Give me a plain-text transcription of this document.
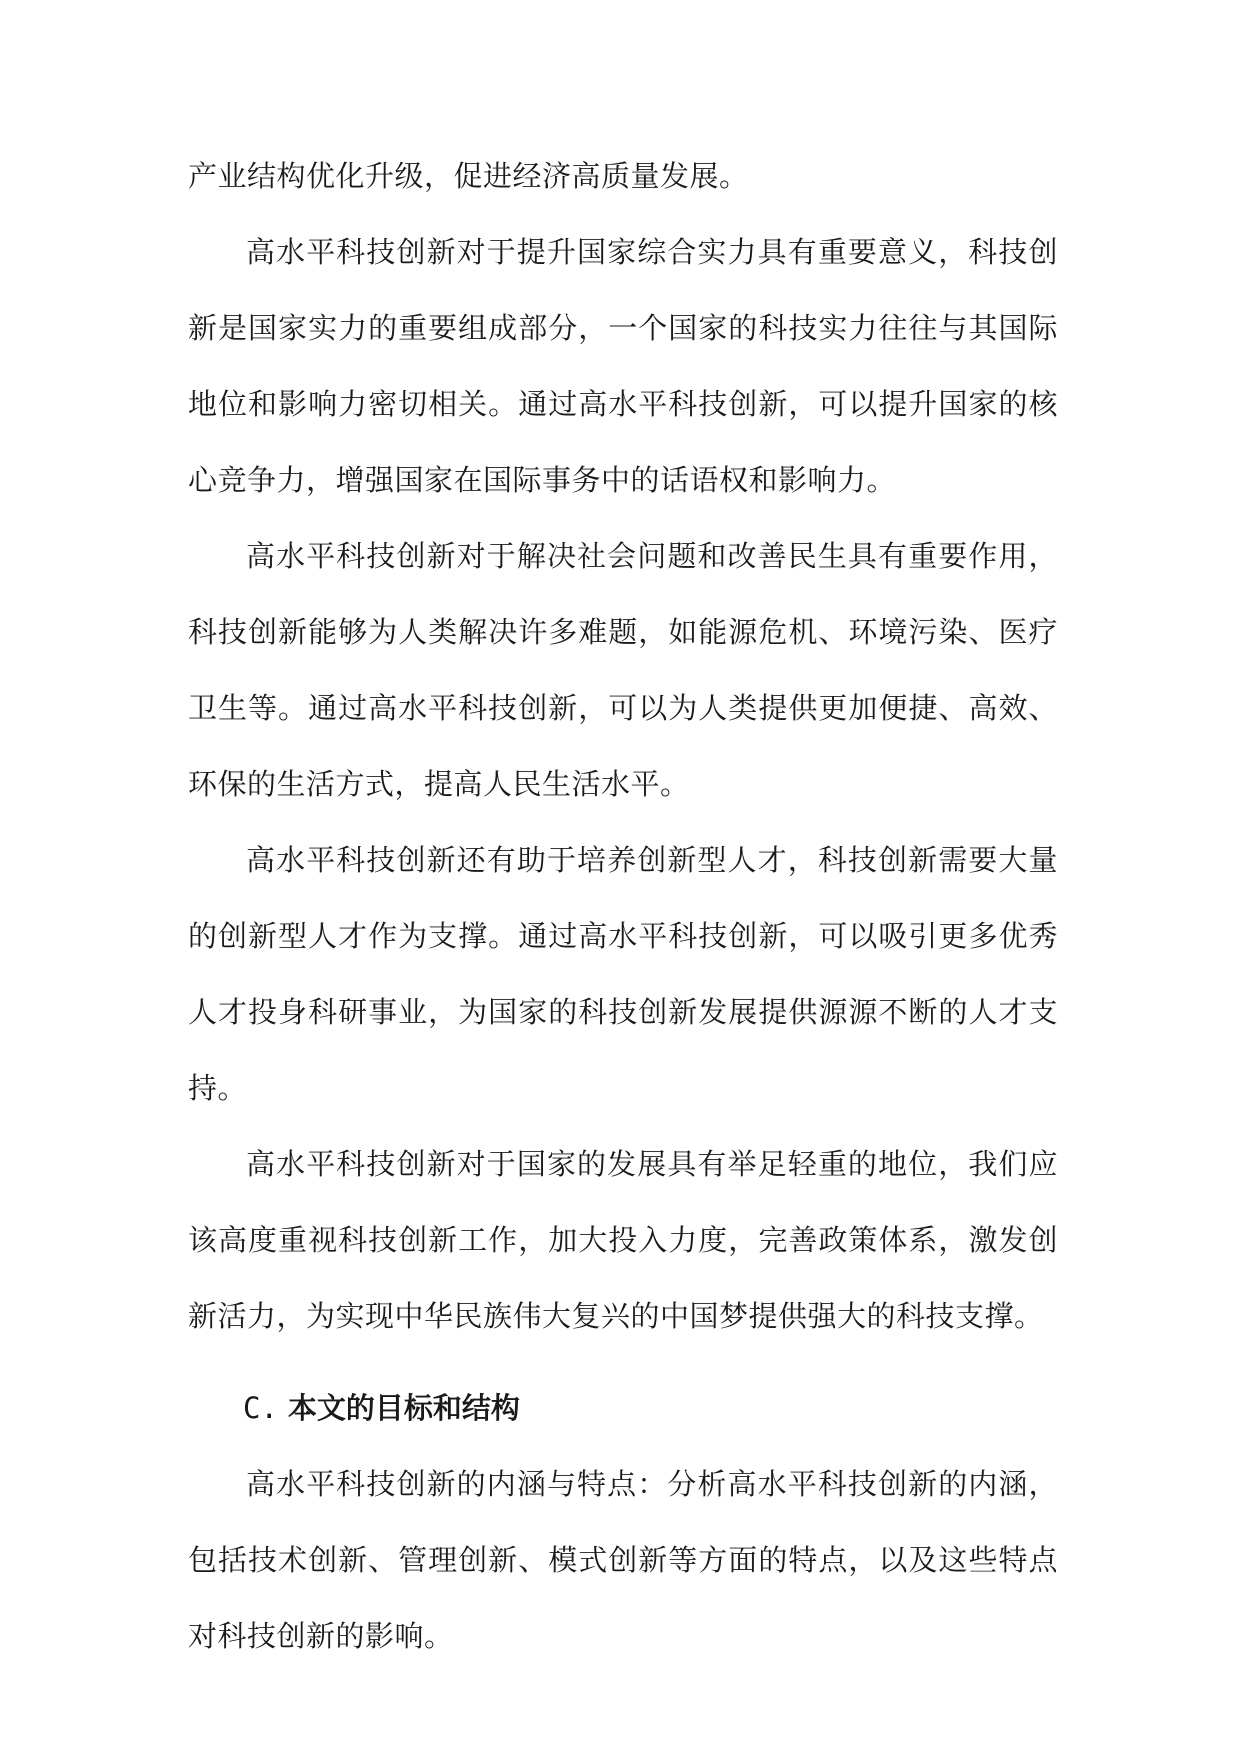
产业结构优化升级，促进经济高质量发展。

高水平科技创新对于提升国家综合实力具有重要意义，科技创新是国家实力的重要组成部分，一个国家的科技实力往往与其国际地位和影响力密切相关。通过高水平科技创新，可以提升国家的核心竞争力，增强国家在国际事务中的话语权和影响力。

高水平科技创新对于解决社会问题和改善民生具有重要作用，科技创新能够为人类解决许多难题，如能源危机、环境污染、医疗卫生等。通过高水平科技创新，可以为人类提供更加便捷、高效、环保的生活方式，提高人民生活水平。

高水平科技创新还有助于培养创新型人才，科技创新需要大量的创新型人才作为支撑。通过高水平科技创新，可以吸引更多优秀人才投身科研事业，为国家的科技创新发展提供源源不断的人才支持。

高水平科技创新对于国家的发展具有举足轻重的地位，我们应该高度重视科技创新工作，加大投入力度，完善政策体系，激发创新活力，为实现中华民族伟大复兴的中国梦提供强大的科技支撑。

C. 本文的目标和结构

高水平科技创新的内涵与特点：分析高水平科技创新的内涵，包括技术创新、管理创新、模式创新等方面的特点，以及这些特点对科技创新的影响。
